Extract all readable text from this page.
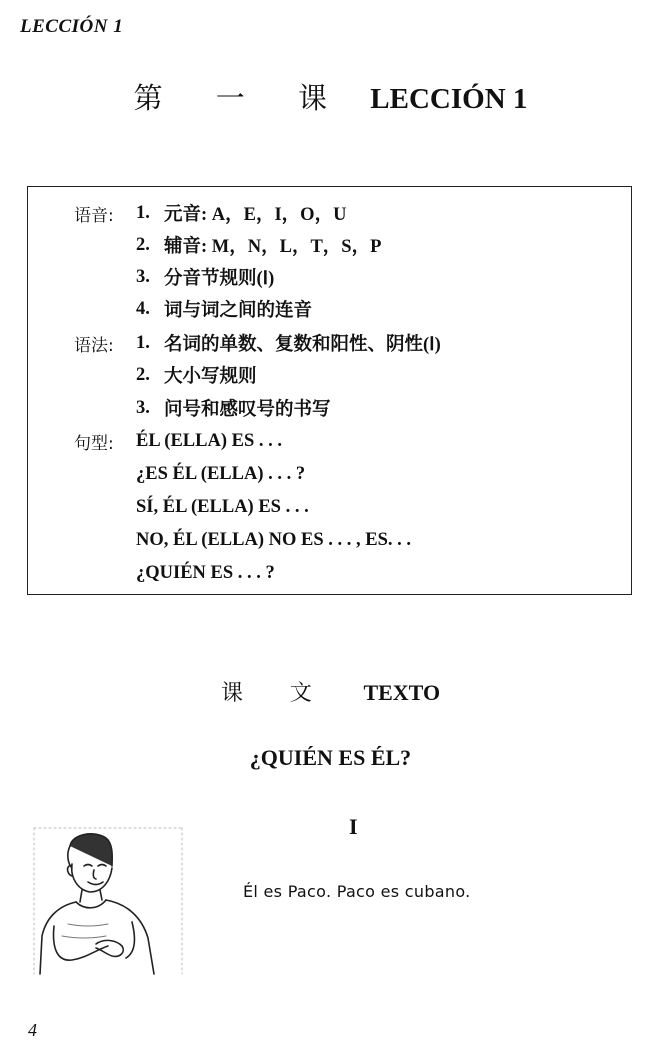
LECCIÓN 1
第 一 课 LECCIÓN 1
语音:	1. 元音: A，E，I，O，U
2. 辅音: M，N，L，T，S，P
3. 分音节规则(Ⅰ)
4. 词与词之间的连音
语法:	1. 名词的单数、复数和阳性、阴性(Ⅰ)
2. 大小写规则
3. 问号和感叹号的书写
句型:	ÉL (ELLA) ES . . .
¿ES ÉL (ELLA) . . . ?
SÍ, ÉL (ELLA) ES . . .
NO, ÉL (ELLA) NO ES . . . , ES. . .
¿QUIÉN ES . . . ?
课 文 TEXTO
¿QUIÉN ES ÉL?
I
Él es Paco. Paco es cubano.
4
